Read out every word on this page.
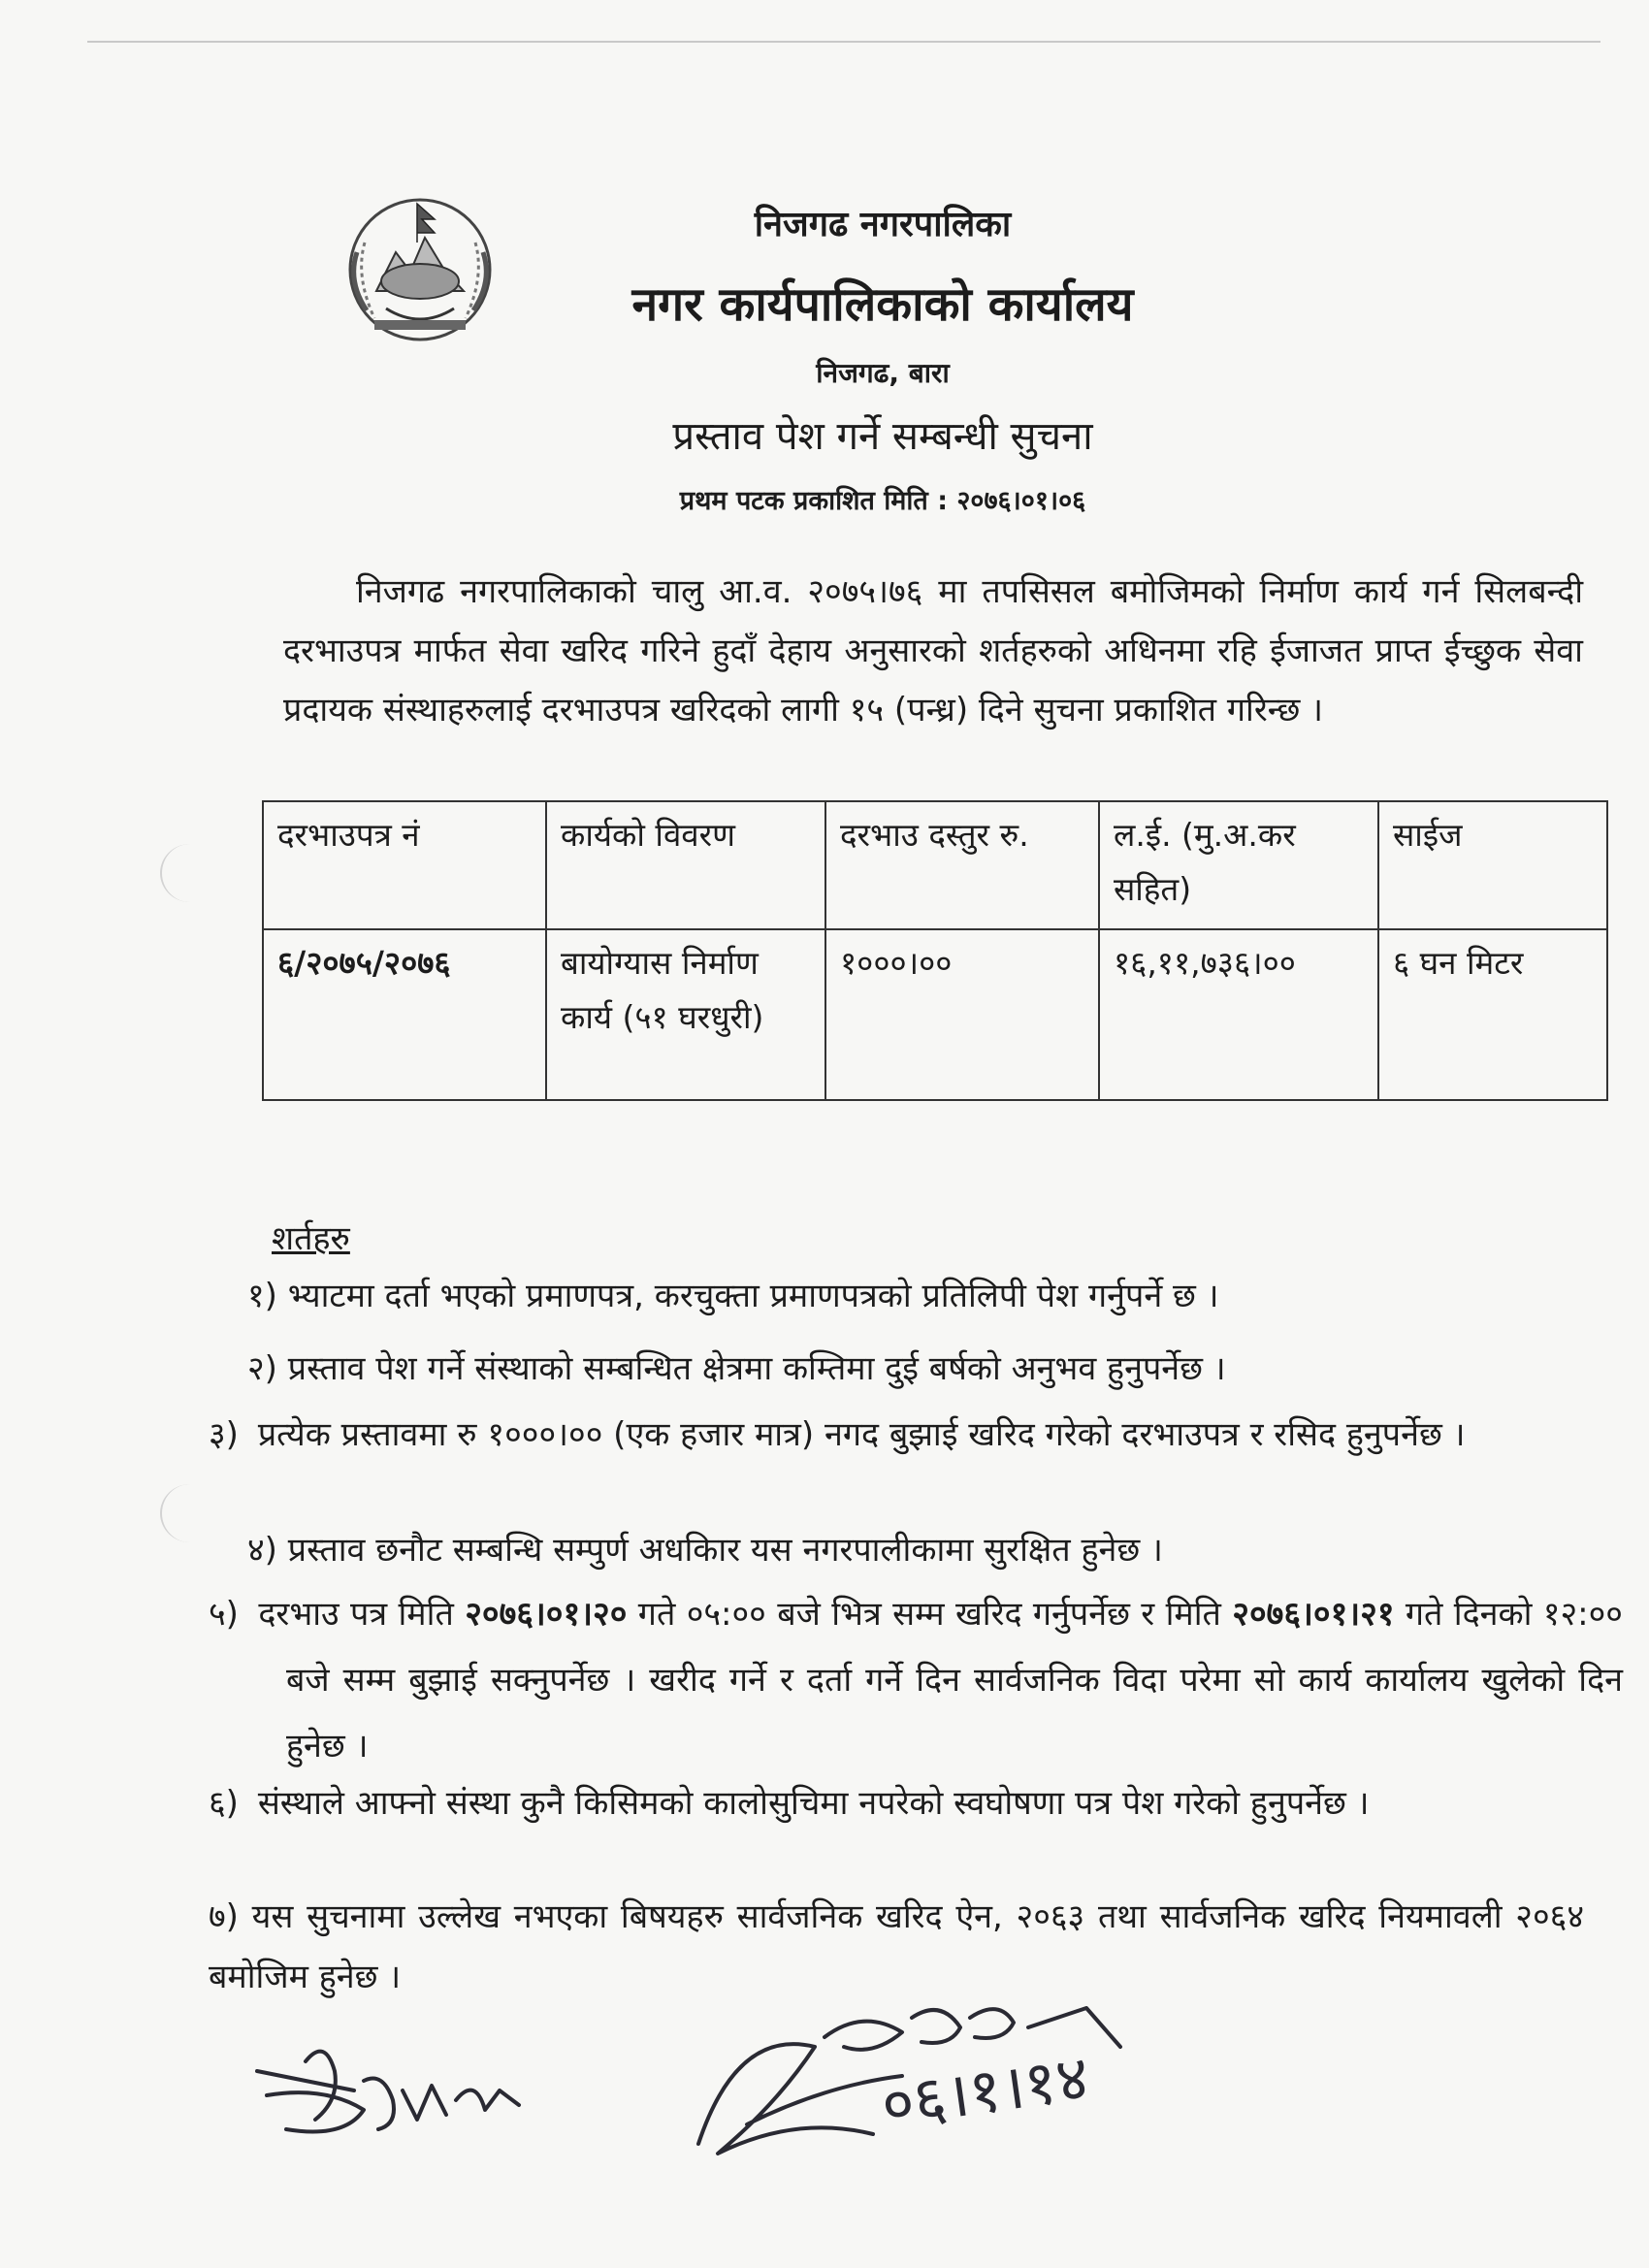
निजगढ नगरपालिका
नगर कार्यपालिकाको कार्यालय
निजगढ, बारा
प्रस्ताव पेश गर्ने सम्बन्धी सुचना
प्रथम पटक प्रकाशित मिति : २०७६।०१।०६

निजगढ नगरपालिकाको चालु आ.व. २०७५।७६ मा तपसिसल बमोजिमको निर्माण कार्य गर्न सिलबन्दी दरभाउपत्र मार्फत सेवा खरिद गरिने हुदाँ देहाय अनुसारको शर्तहरुको अधिनमा रहि ईजाजत प्राप्त ईच्छुक सेवा प्रदायक संस्थाहरुलाई दरभाउपत्र खरिदको लागी १५ (पन्ध्र) दिने सुचना प्रकाशित गरिन्छ ।

दरभाउपत्र नं	कार्यको विवरण	दरभाउ दस्तुर रु.	ल.ई. (मु.अ.कर सहित)	साईज
६/२०७५/२०७६	बायोग्यास निर्माण कार्य (५१ घरधुरी)	१०००।००	१६,११,७३६।००	६ घन मिटर

शर्तहरु

१) भ्याटमा दर्ता भएको प्रमाणपत्र, करचुक्ता प्रमाणपत्रको प्रतिलिपी पेश गर्नुपर्ने छ ।

२) प्रस्ताव पेश गर्ने संस्थाको सम्बन्धित क्षेत्रमा कम्तिमा दुई बर्षको अनुभव हुनुपर्नेछ ।

३) प्रत्येक प्रस्तावमा रु १०००।०० (एक हजार मात्र) नगद बुझाई खरिद गरेको दरभाउपत्र र रसिद हुनुपर्नेछ ।

४) प्रस्ताव छनौट सम्बन्धि सम्पुर्ण अधकिार यस नगरपालीकामा सुरक्षित हुनेछ ।

५) दरभाउ पत्र मिति २०७६।०१।२० गते ०५:०० बजे भित्र सम्म खरिद गर्नुपर्नेछ र मिति २०७६।०१।२१ गते दिनको १२:०० बजे सम्म बुझाई सक्नुपर्नेछ । खरीद गर्ने र दर्ता गर्ने दिन सार्वजनिक विदा परेमा सो कार्य कार्यालय खुलेको दिन हुनेछ ।

६) संस्थाले आफ्नो संस्था कुनै किसिमको कालोसुचिमा नपरेको स्वघोषणा पत्र पेश गरेको हुनुपर्नेछ ।

७) यस सुचनामा उल्लेख नभएका बिषयहरु सार्वजनिक खरिद ऐन, २०६३ तथा सार्वजनिक खरिद नियमावली २०६४ बमोजिम हुनेछ ।

०६।१।१४
